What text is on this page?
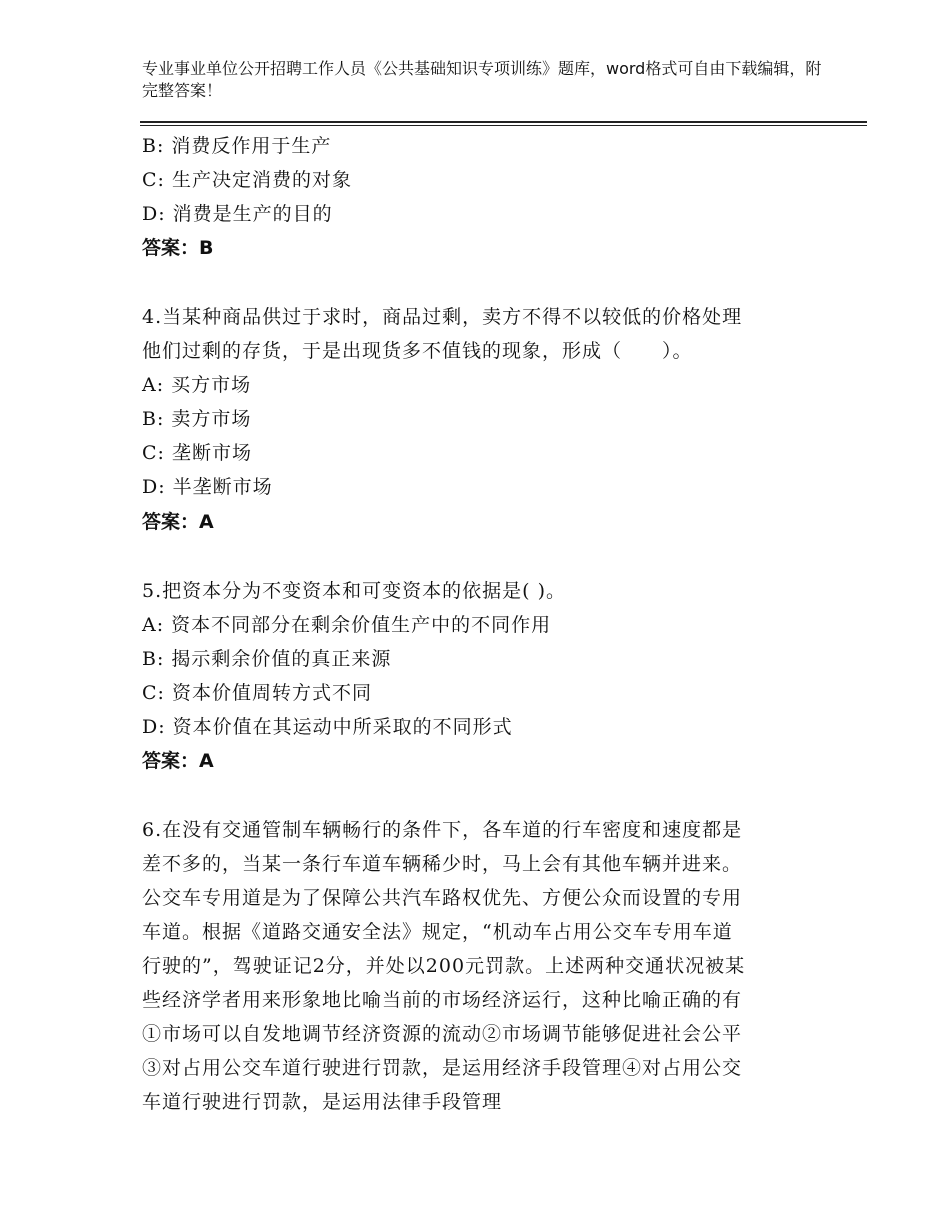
专业事业单位公开招聘工作人员《公共基础知识专项训练》题库，word格式可自由下载编辑，附完整答案！
B: 消费反作用于生产
C: 生产决定消费的对象
D: 消费是生产的目的
答案：B
4.当某种商品供过于求时，商品过剩，卖方不得不以较低的价格处理
他们过剩的存货，于是出现货多不值钱的现象，形成（　　）。
A: 买方市场
B: 卖方市场
C: 垄断市场
D: 半垄断市场
答案：A
5.把资本分为不变资本和可变资本的依据是( )。
A: 资本不同部分在剩余价值生产中的不同作用
B: 揭示剩余价值的真正来源
C: 资本价值周转方式不同
D: 资本价值在其运动中所采取的不同形式
答案：A
6.在没有交通管制车辆畅行的条件下，各车道的行车密度和速度都是
差不多的，当某一条行车道车辆稀少时，马上会有其他车辆并进来。
公交车专用道是为了保障公共汽车路权优先、方便公众而设置的专用
车道。根据《道路交通安全法》规定，“机动车占用公交车专用车道
行驶的”，驾驶证记2分，并处以200元罚款。上述两种交通状况被某
些经济学者用来形象地比喻当前的市场经济运行，这种比喻正确的有
①市场可以自发地调节经济资源的流动②市场调节能够促进社会公平
③对占用公交车道行驶进行罚款，是运用经济手段管理④对占用公交
车道行驶进行罚款，是运用法律手段管理
